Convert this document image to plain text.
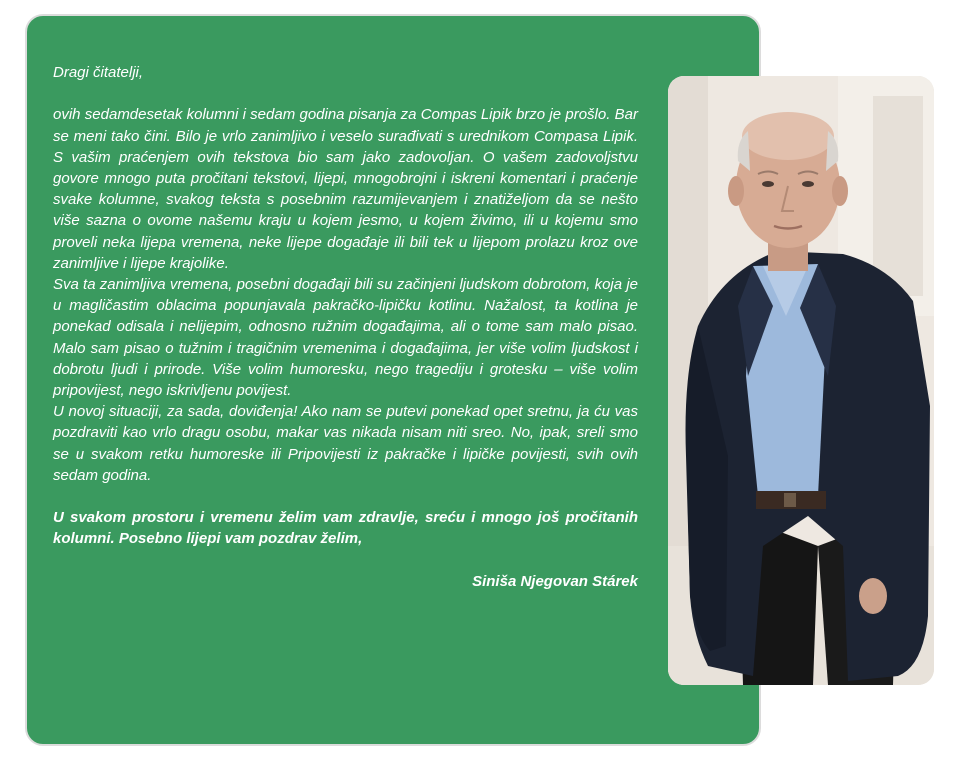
Dragi čitatelji,

ovih sedamdesetak kolumni i sedam godina pisanja za Compas Lipik brzo je prošlo. Bar se meni tako čini. Bilo je vrlo zanimljivo i veselo surađivati s urednikom Compasa Lipik. S vašim praćenjem ovih tekstova bio sam jako zadovoljan. O vašem zadovoljstvu govore mnogo puta pročitani tekstovi, lijepi, mnogobrojni i iskreni komentari i praćenje svake kolumne, svakog teksta s posebnim razumijevanjem i znatiželjom da se nešto više sazna o ovome našemu kraju u kojem jesmo, u kojem živimo, ili u kojemu smo proveli neka lijepa vremena, neke lijepe događaje ili bili tek u lijepom prolazu kroz ove zanimljive i lijepe krajolike.

Sva ta zanimljiva vremena, posebni događaji bili su začinjeni ljudskom dobrotom, koja je u magličastim oblacima popunjavala pakračko-lipičku kotlinu. Nažalost, ta kotlina je ponekad odisala i nelijepim, odnosno ružnim događajima, ali o tome sam malo pisao. Malo sam pisao o tužnim i tragičnim vremenima i događajima, jer više volim ljudskost i dobrotu ljudi i prirode. Više volim humoresku, nego tragediju i grotesku – više volim pripovijest, nego iskrivljenu povijest.

U novoj situaciji, za sada, doviđenja! Ako nam se putevi ponekad opet sretnu, ja ću vas pozdraviti kao vrlo dragu osobu, makar vas nikada nisam niti sreo. No, ipak, sreli smo se u svakom retku humoreske ili Pripovijesti iz pakračke i lipičke povijesti, svih ovih sedam godina.

U svakom prostoru i vremenu želim vam zdravlje, sreću i mnogo još pročitanih kolumni. Posebno lijepi vam pozdrav želim,

Siniša Njegovan Stárek
